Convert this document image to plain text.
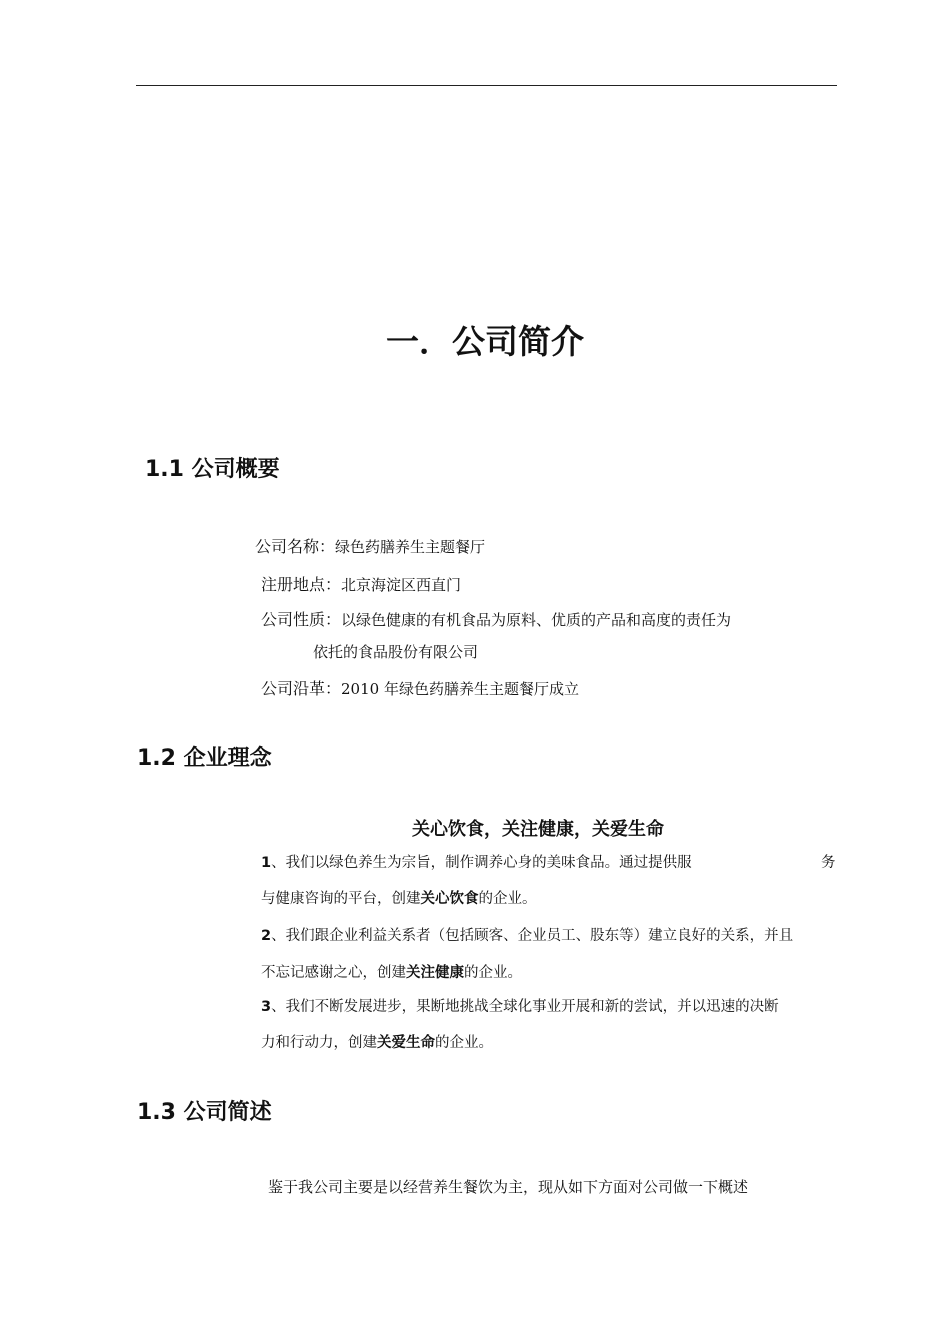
一．公司简介
1.1 公司概要
公司名称：绿色药膳养生主题餐厅
注册地点：北京海淀区西直门
公司性质：以绿色健康的有机食品为原料、优质的产品和高度的责任为
依托的食品股份有限公司
公司沿革：2010 年绿色药膳养生主题餐厅成立
1.2 企业理念
关心饮食，关注健康，关爱生命
1、我们以绿色养生为宗旨，制作调养心身的美味食品。通过提供服	务
与健康咨询的平台，创建关心饮食的企业。
2、我们跟企业利益关系者（包括顾客、企业员工、股东等）建立良好的关系，并且
不忘记感谢之心，创建关注健康的企业。
3、我们不断发展进步，果断地挑战全球化事业开展和新的尝试，并以迅速的决断
力和行动力，创建关爱生命的企业。
1.3 公司简述
鉴于我公司主要是以经营养生餐饮为主，现从如下方面对公司做一下概述
